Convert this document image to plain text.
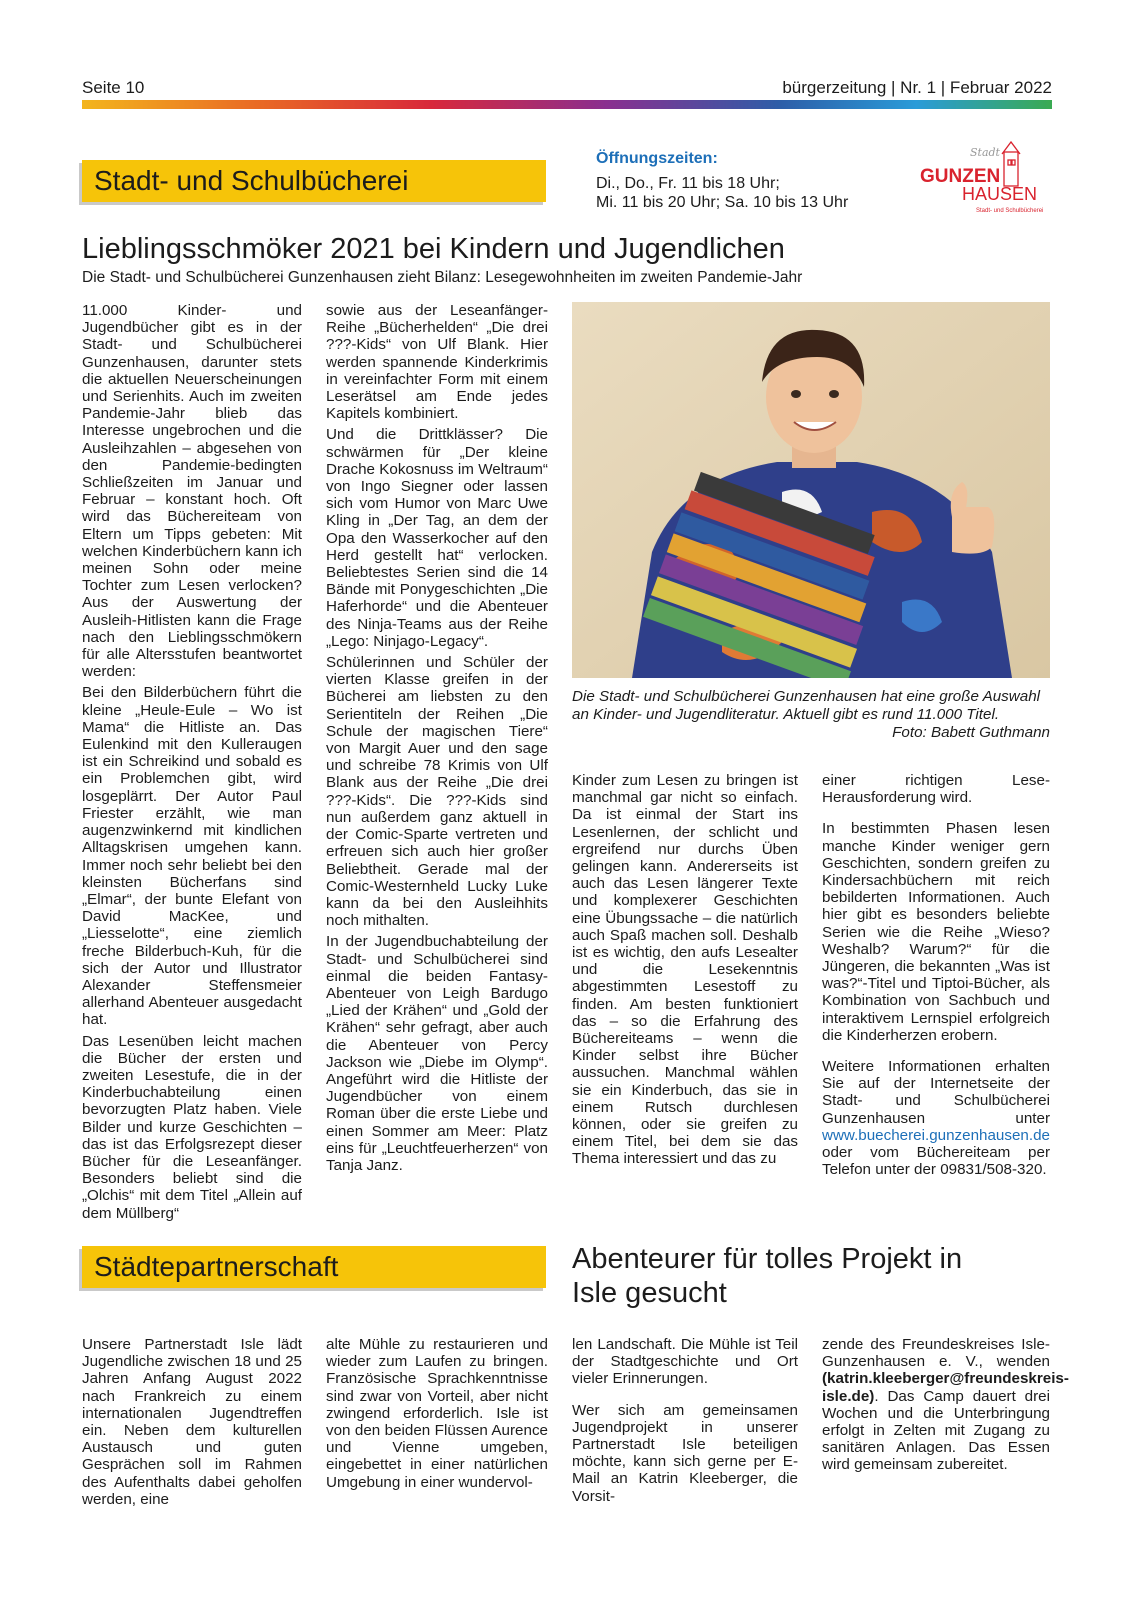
Seite 10	bürgerzeitung | Nr. 1 | Februar 2022
Stadt- und Schulbücherei
Öffnungszeiten:
Di., Do., Fr. 11 bis 18 Uhr;
Mi. 11 bis 20 Uhr; Sa. 10 bis 13 Uhr
Stadt
GUNZEN
HAUSEN
Stadt- und Schulbücherei
Lieblingsschmöker 2021 bei Kindern und Jugendlichen
Die Stadt- und Schulbücherei Gunzenhausen zieht Bilanz: Lesegewohnheiten im zweiten Pandemie-Jahr

11.000 Kinder- und Jugendbücher gibt es in der Stadt- und Schulbücherei Gunzenhausen, darunter stets die aktuellen Neuerscheinungen und Serienhits. Auch im zweiten Pandemie-Jahr blieb das Interesse ungebrochen und die Ausleihzahlen – abgesehen von den Pandemie-bedingten Schließzeiten im Januar und Februar – konstant hoch. Oft wird das Büchereiteam von Eltern um Tipps gebeten: Mit welchen Kinderbüchern kann ich meinen Sohn oder meine Tochter zum Lesen verlocken? Aus der Auswertung der Ausleih-Hitlisten kann die Frage nach den Lieblingsschmökern für alle Altersstufen beantwortet werden:

Bei den Bilderbüchern führt die kleine „Heule-Eule – Wo ist Mama“ die Hitliste an. Das Eulenkind mit den Kulleraugen ist ein Schreikind und sobald es ein Problemchen gibt, wird losgeplärrt. Der Autor Paul Friester erzählt, wie man augenzwinkernd mit kindlichen Alltagskrisen umgehen kann. Immer noch sehr beliebt bei den kleinsten Bücherfans sind „Elmar“, der bunte Elefant von David MacKee, und „Liesselotte“, eine ziemlich freche Bilderbuch-Kuh, für die sich der Autor und Illustrator Alexander Steffensmeier allerhand Abenteuer ausgedacht hat.

Das Lesenüben leicht machen die Bücher der ersten und zweiten Lesestufe, die in der Kinderbuchabteilung einen bevorzugten Platz haben. Viele Bilder und kurze Geschichten – das ist das Erfolgsrezept dieser Bücher für die Leseanfänger. Besonders beliebt sind die „Olchis“ mit dem Titel „Allein auf dem Müllberg“

sowie aus der Leseanfänger-Reihe „Bücherhelden“ „Die drei ???-Kids“ von Ulf Blank. Hier werden spannende Kinderkrimis in vereinfachter Form mit einem Leserätsel am Ende jedes Kapitels kombiniert.

Und die Drittklässer? Die schwärmen für „Der kleine Drache Kokosnuss im Weltraum“ von Ingo Siegner oder lassen sich vom Humor von Marc Uwe Kling in „Der Tag, an dem der Opa den Wasserkocher auf den Herd gestellt hat“ verlocken. Beliebtestes Serien sind die 14 Bände mit Ponygeschichten „Die Haferhorde“ und die Abenteuer des Ninja-Teams aus der Reihe „Lego: Ninjago-Legacy“.

Schülerinnen und Schüler der vierten Klasse greifen in der Bücherei am liebsten zu den Serientiteln der Reihen „Die Schule der magischen Tiere“ von Margit Auer und den sage und schreibe 78 Krimis von Ulf Blank aus der Reihe „Die drei ???-Kids“. Die ???-Kids sind nun außerdem ganz aktuell in der Comic-Sparte vertreten und erfreuen sich auch hier großer Beliebtheit. Gerade mal der Comic-Westernheld Lucky Luke kann da bei den Ausleihhits noch mithalten.

In der Jugendbuchabteilung der Stadt- und Schulbücherei sind einmal die beiden Fantasy-Abenteuer von Leigh Bardugo „Lied der Krähen“ und „Gold der Krähen“ sehr gefragt, aber auch die Abenteuer von Percy Jackson wie „Diebe im Olymp“. Angeführt wird die Hitliste der Jugendbücher von einem Roman über die erste Liebe und einen Sommer am Meer: Platz eins für „Leuchtfeuerherzen“ von Tanja Janz.

Die Stadt- und Schulbücherei Gunzenhausen hat eine große Auswahl an Kinder- und Jugendliteratur. Aktuell gibt es rund 11.000 Titel.
Foto: Babett Guthmann

Kinder zum Lesen zu bringen ist manchmal gar nicht so einfach. Da ist einmal der Start ins Lesenlernen, der schlicht und ergreifend nur durchs Üben gelingen kann. Andererseits ist auch das Lesen längerer Texte und komplexerer Geschichten eine Übungssache – die natürlich auch Spaß machen soll. Deshalb ist es wichtig, den aufs Lesealter und die Lesekenntnis abgestimmten Lesestoff zu finden. Am besten funktioniert das – so die Erfahrung des Büchereiteams – wenn die Kinder selbst ihre Bücher aussuchen. Manchmal wählen sie ein Kinderbuch, das sie in einem Rutsch durchlesen können, oder sie greifen zu einem Titel, bei dem sie das Thema interessiert und das zu

einer richtigen Lese-Herausforderung wird.

In bestimmten Phasen lesen manche Kinder weniger gern Geschichten, sondern greifen zu Kindersachbüchern mit reich bebilderten Informationen. Auch hier gibt es besonders beliebte Serien wie die Reihe „Wieso? Weshalb? Warum?“ für die Jüngeren, die bekannten „Was ist was?“-Titel und Tiptoi-Bücher, als Kombination von Sachbuch und interaktivem Lernspiel erfolgreich die Kinderherzen erobern.

Weitere Informationen erhalten Sie auf der Internetseite der Stadt- und Schulbücherei Gunzenhausen unter www.buecherei.gunzenhausen.de oder vom Büchereiteam per Telefon unter der 09831/508-320.

Städtepartnerschaft	Abenteurer für tolles Projekt in Isle gesucht

Unsere Partnerstadt Isle lädt Jugendliche zwischen 18 und 25 Jahren Anfang August 2022 nach Frankreich zu einem internationalen Jugendtreffen ein. Neben dem kulturellen Austausch und guten Gesprächen soll im Rahmen des Aufenthalts dabei geholfen werden, eine

alte Mühle zu restaurieren und wieder zum Laufen zu bringen. Französische Sprachkenntnisse sind zwar von Vorteil, aber nicht zwingend erforderlich. Isle ist von den beiden Flüssen Aurence und Vienne umgeben, eingebettet in einer natürlichen Umgebung in einer wundervol-

len Landschaft. Die Mühle ist Teil der Stadtgeschichte und Ort vieler Erinnerungen.

Wer sich am gemeinsamen Jugendprojekt in unserer Partnerstadt Isle beteiligen möchte, kann sich gerne per E-Mail an Katrin Kleeberger, die Vorsit-

zende des Freundeskreises Isle-Gunzenhausen e. V., wenden (katrin.kleeberger@freundeskreis-isle.de). Das Camp dauert drei Wochen und die Unterbringung erfolgt in Zelten mit Zugang zu sanitären Anlagen. Das Essen wird gemeinsam zubereitet.
